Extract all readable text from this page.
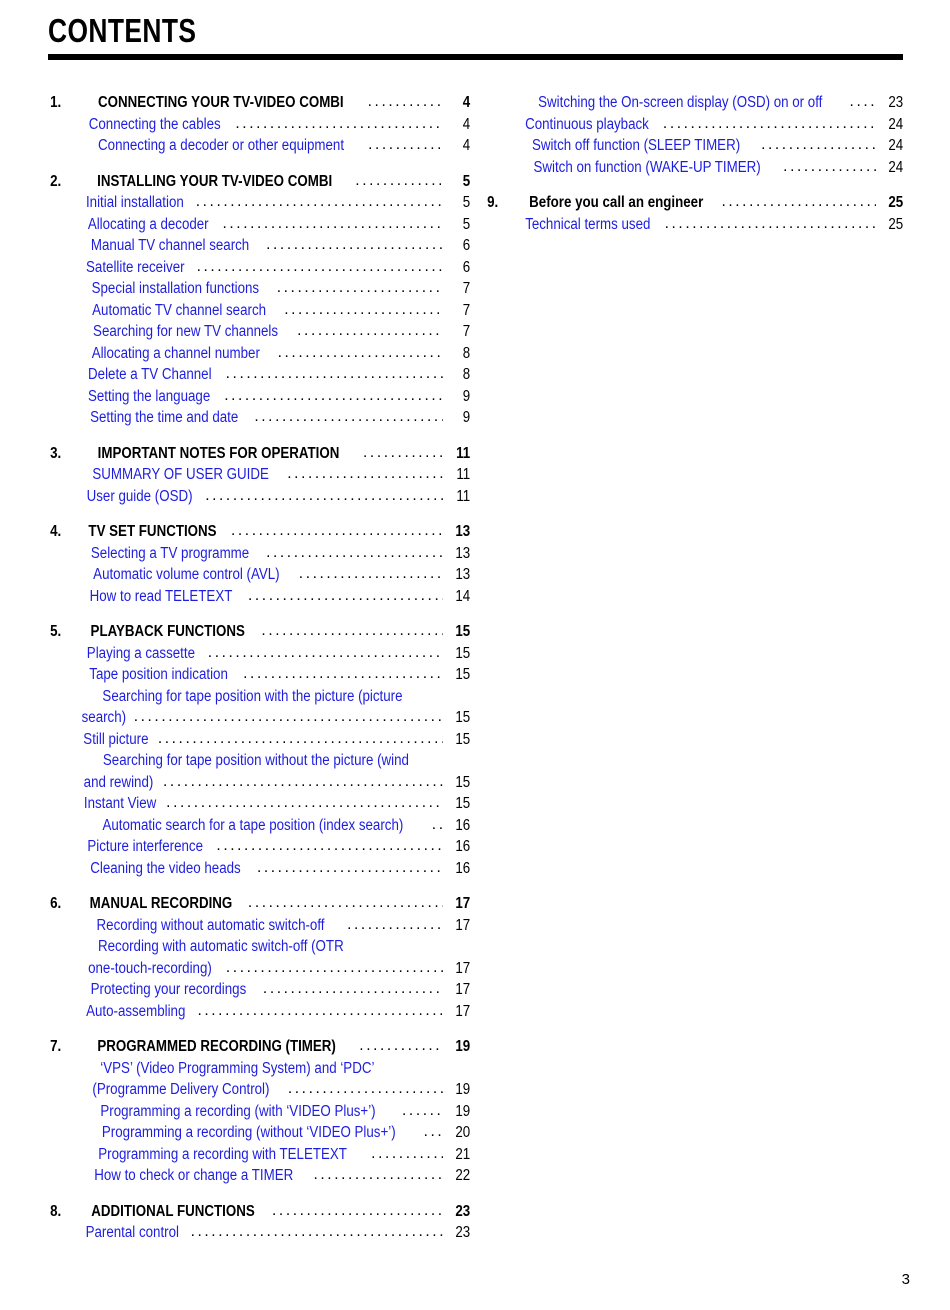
CONTENTS
1.	CONNECTING YOUR TV-VIDEO COMBI .....	4
Connecting the cables .....	4
Connecting a decoder or other equipment .....	4
2.	INSTALLING YOUR TV-VIDEO COMBI .....	5
Initial installation .....	5
Allocating a decoder .....	5
Manual TV channel search .....	6
Satellite receiver .....	6
Special installation functions .....	7
Automatic TV channel search .....	7
Searching for new TV channels .....	7
Allocating a channel number .....	8
Delete a TV Channel .....	8
Setting the language .....	9
Setting the time and date .....	9
3.	IMPORTANT NOTES FOR OPERATION .....	11
SUMMARY OF USER GUIDE .....	11
User guide (OSD) .....	11
4.	TV SET FUNCTIONS .....	13
Selecting a TV programme .....	13
Automatic volume control (AVL) .....	13
How to read TELETEXT .....	14
5.	PLAYBACK FUNCTIONS .....	15
Playing a cassette .....	15
Tape position indication .....	15
Searching for tape position with the picture (picture
search) .....	15
Still picture .....	15
Searching for tape position without the picture (wind
and rewind) .....	15
Instant View .....	15
Automatic search for a tape position (index search) .....	16
Picture interference .....	16
Cleaning the video heads .....	16
6.	MANUAL RECORDING .....	17
Recording without automatic switch-off .....	17
Recording with automatic switch-off (OTR
one-touch-recording) .....	17
Protecting your recordings .....	17
Auto-assembling .....	17
7.	PROGRAMMED RECORDING (TIMER) .....	19
‘VPS’ (Video Programming System) and ‘PDC’
(Programme Delivery Control) .....	19
Programming a recording (with ‘VIDEO Plus+’) .....	19
Programming a recording (without ‘VIDEO Plus+’) .....	20
Programming a recording with TELETEXT .....	21
How to check or change a TIMER .....	22
8.	ADDITIONAL FUNCTIONS .....	23
Parental control .....	23
Switching the On-screen display (OSD) on or off .....	23
Continuous playback .....	24
Switch off function (SLEEP TIMER) .....	24
Switch on function (WAKE-UP TIMER) .....	24
9.	Before you call an engineer .....	25
Technical terms used .....	25
3
